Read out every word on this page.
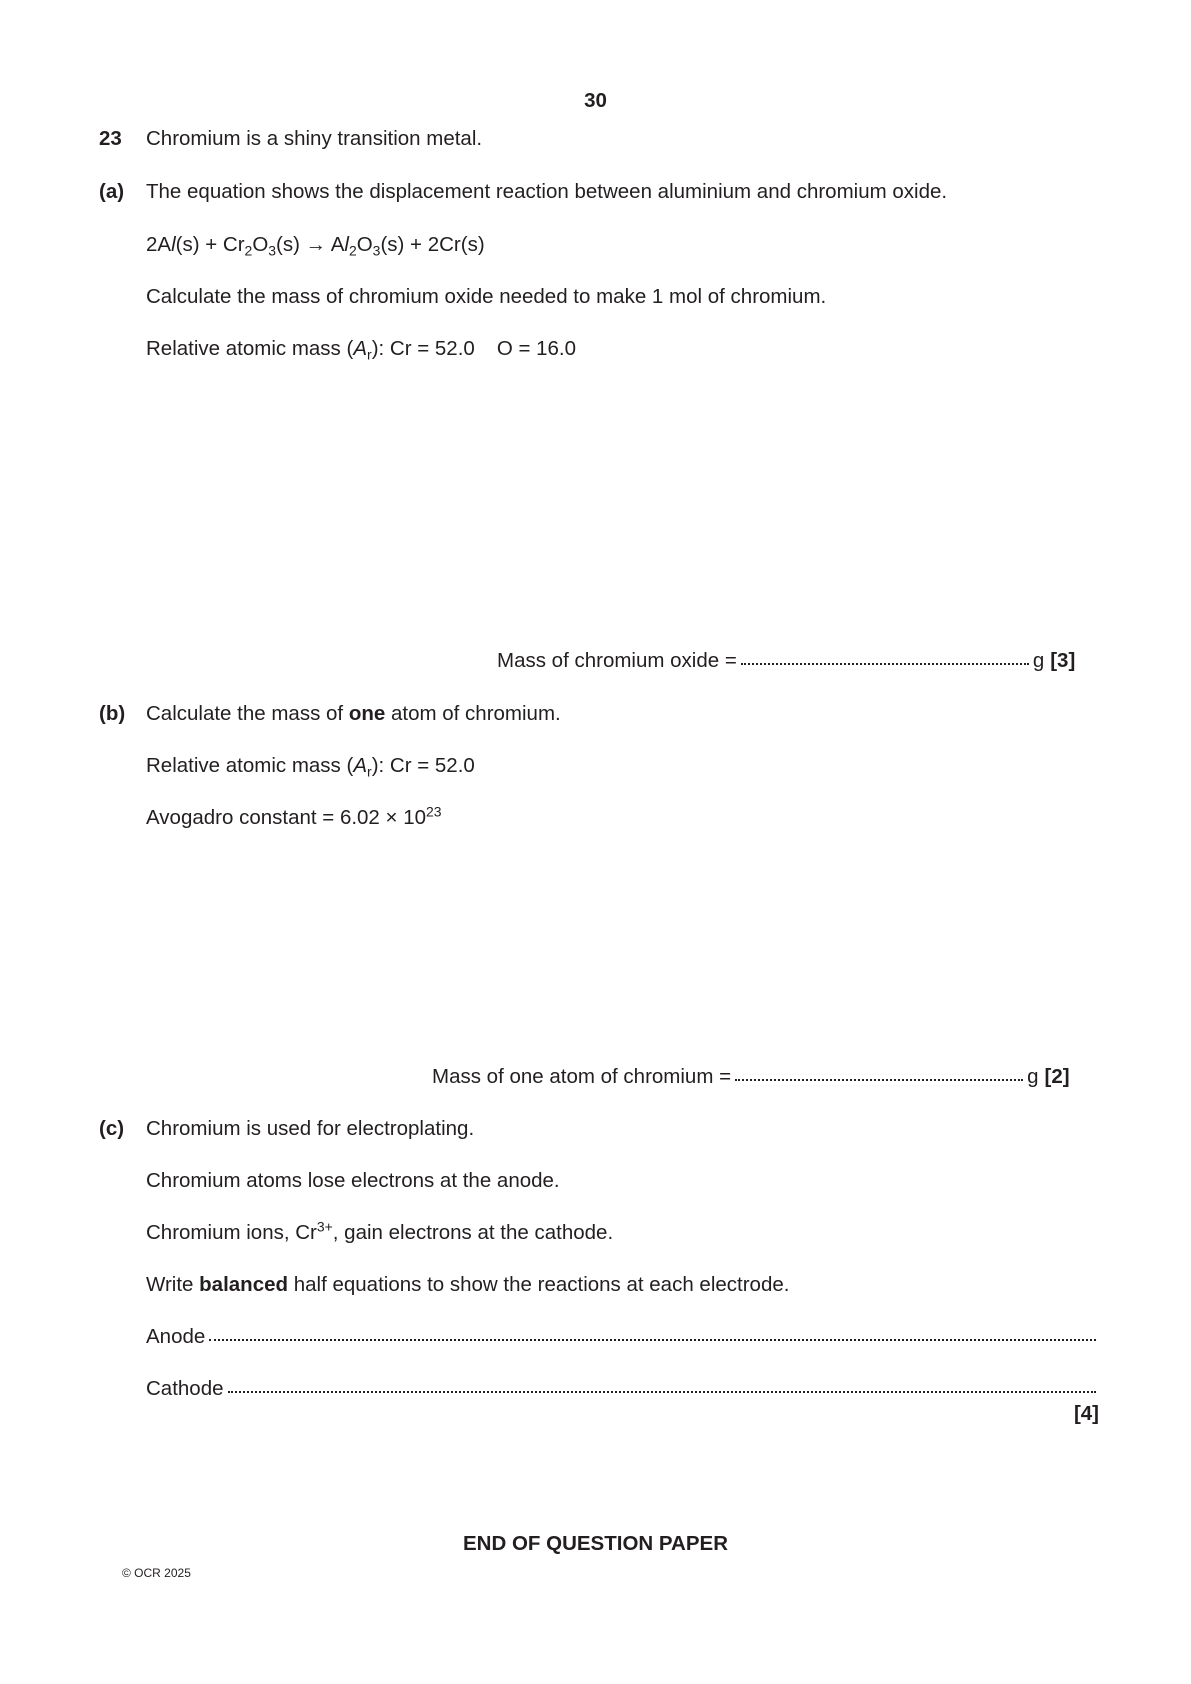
30
23 Chromium is a shiny transition metal.
(a) The equation shows the displacement reaction between aluminium and chromium oxide.
$2Al(s) + Cr_2O_3(s) \to Al_2O_3(s) + 2Cr(s)$
Calculate the mass of chromium oxide needed to make 1 mol of chromium.
Relative atomic mass $(A_r)$: Cr = 52.0 O = 16.0
Mass of chromium oxide =	g [3]
(b) Calculate the mass of one atom of chromium.
Relative atomic mass $(A_r)$: Cr = 52.0
Avogadro constant = $6.02 \times 10^{23}$
Mass of one atom of chromium =	g [2]
(c) Chromium is used for electroplating.
Chromium atoms lose electrons at the anode.
Chromium ions, $Cr^{3+}$, gain electrons at the cathode.
Write balanced half equations to show the reactions at each electrode.
Anode
Cathode
[4]
END OF QUESTION PAPER
© OCR 2025
